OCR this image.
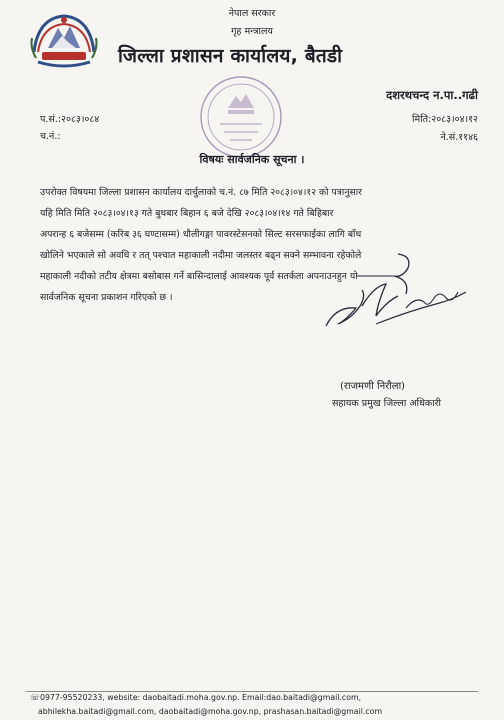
नेपाल सरकार
गृह मन्त्रालय
जिल्ला प्रशासन कार्यालय, बैतडी
दशरथचन्द न.पा..गढी
मिति:२०८३।०४।१२
ने.सं.११४६
प.सं.:२०८३।०८४
च.नं.:
विषयः सार्वजनिक सूचना ।
उपरोक्त विषयमा जिल्ला प्रशासन कार्यालय दार्चुलाको च.नं. ८७ मिति २०८३।०४।१२ को पत्रानुसार
यहि मिति मिति २०८३।०४।१३ गते बुधबार बिहान ६ बजे देखि २०८३।०४।१४ गते बिहिबार
अपरान्ह ६ बजेसम्म (करिब ३६ घण्टासम्म) धौलीगङ्गा पावरस्टेसनको सिल्ट सरसफाईका लागि बाँध
खोलिने भएकाले सो अवधि र तत् पश्चात महाकाली नदीमा जलस्तर बढ्न सक्ने सम्भावना रहेकोले
महाकाली नदीको तटीय क्षेत्रमा बसोबास गर्ने बासिन्दालाई आवश्यक पूर्व सतर्कता अपनाउनहुन यो
सार्वजनिक सूचना प्रकाशन गरिएको छ ।
(राजमणी निरौला)
सहायक प्रमुख जिल्ला अधिकारी
☏0977-95520233, website: daobaitadi.moha.gov.np. Email:dao.baitadi@gmail.com,
abhilekha.baitadi@gmail.com, daobaitadi@moha.gov.np, prashasan.baitadi@gmail.com
